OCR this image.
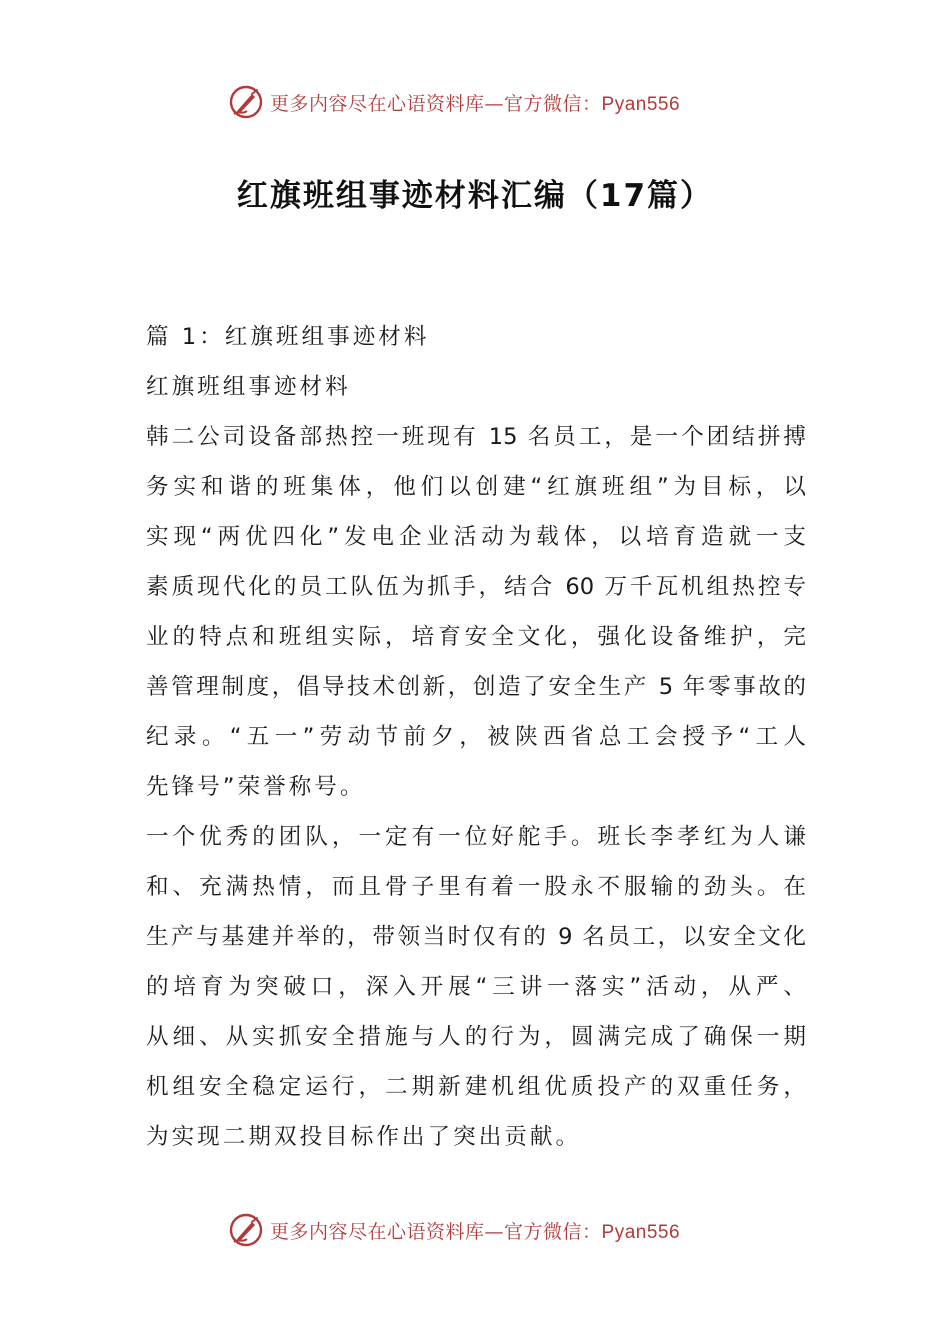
更多内容尽在心语资料库—官方微信：Pyan556
红旗班组事迹材料汇编（17篇）
篇 1：红旗班组事迹材料
红旗班组事迹材料
韩二公司设备部热控一班现有 15 名员工，是一个团结拼搏
务实和谐的班集体，他们以创建“红旗班组”为目标，以
实现“两优四化”发电企业活动为载体，以培育造就一支
素质现代化的员工队伍为抓手，结合 60 万千瓦机组热控专
业的特点和班组实际，培育安全文化，强化设备维护，完
善管理制度，倡导技术创新，创造了安全生产 5 年零事故的
纪录。“五一”劳动节前夕，被陕西省总工会授予“工人
先锋号”荣誉称号。
一个优秀的团队，一定有一位好舵手。班长李孝红为人谦
和、充满热情，而且骨子里有着一股永不服输的劲头。在
生产与基建并举的，带领当时仅有的 9 名员工，以安全文化
的培育为突破口，深入开展“三讲一落实”活动，从严、
从细、从实抓安全措施与人的行为，圆满完成了确保一期
机组安全稳定运行，二期新建机组优质投产的双重任务，
为实现二期双投目标作出了突出贡献。
更多内容尽在心语资料库—官方微信：Pyan556
